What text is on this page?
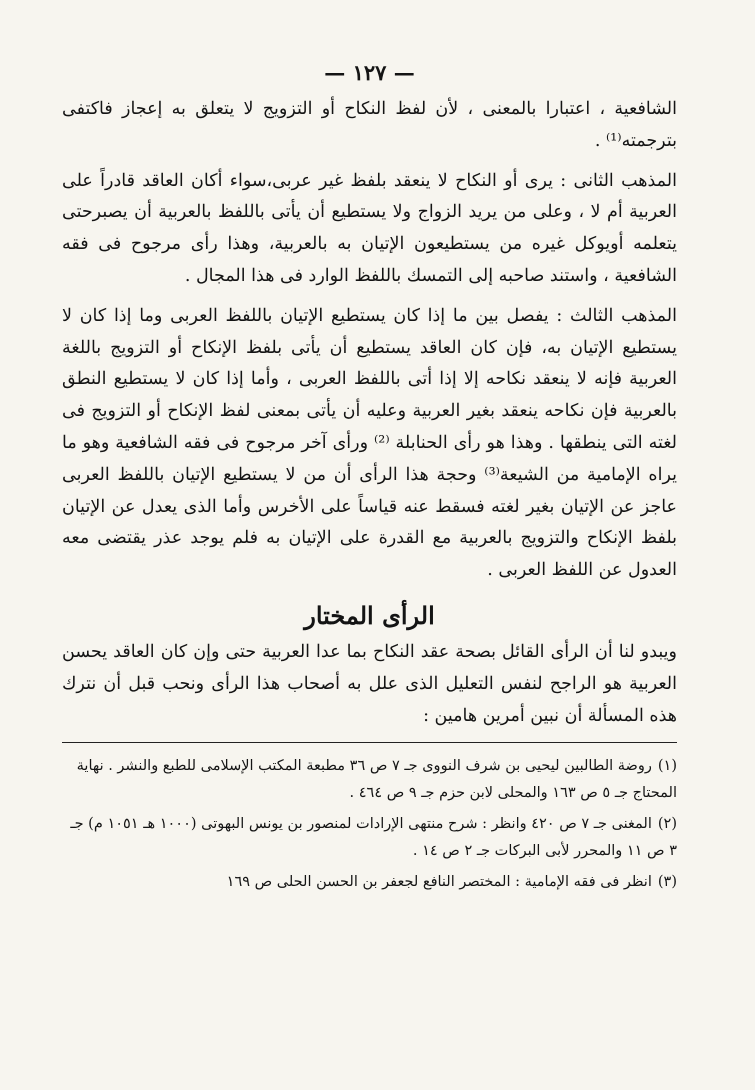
— ١٢٧ —

الشافعية ، اعتبارا بالمعنى ، لأن لفظ النكاح أو التزويج لا يتعلق به إعجاز فاكتفى بترجمته⁽¹⁾ .

المذهب الثانى : يرى أو النكاح لا ينعقد بلفظ غير عربى،سواء أكان العاقد قادراً على العربية أم لا ، وعلى من يريد الزواج ولا يستطيع أن يأتى باللفظ بالعربية أن يصبرحتى يتعلمه أويوكل غيره من يستطيعون الإتيان به بالعربية، وهذا رأى مرجوح فى فقه الشافعية ، واستند صاحبه إلى التمسك باللفظ الوارد فى هذا المجال .

المذهب الثالث : يفصل بين ما إذا كان يستطيع الإتيان باللفظ العربى وما إذا كان لا يستطيع الإتيان به، فإن كان العاقد يستطيع أن يأتى بلفظ الإنكاح أو التزويج باللغة العربية فإنه لا ينعقد نكاحه إلا إذا أتى باللفظ العربى ، وأما إذا كان لا يستطيع النطق بالعربية فإن نكاحه ينعقد بغير العربية وعليه أن يأتى بمعنى لفظ الإنكاح أو التزويج فى لغته التى ينطقها . وهذا هو رأى الحنابلة ⁽²⁾ ورأى آخر مرجوح فى فقه الشافعية وهو ما يراه الإمامية من الشيعة⁽³⁾ وحجة هذا الرأى أن من لا يستطيع الإتيان باللفظ العربى عاجز عن الإتيان بغير لغته فسقط عنه قياساً على الأخرس وأما الذى يعدل عن الإتيان بلفظ الإنكاح والتزويج بالعربية مع القدرة على الإتيان به فلم يوجد عذر يقتضى معه العدول عن اللفظ العربى .

الرأى المختار

ويبدو لنا أن الرأى القائل بصحة عقد النكاح بما عدا العربية حتى وإن كان العاقد يحسن العربية هو الراجح لنفس التعليل الذى علل به أصحاب هذا الرأى ونحب قبل أن نترك هذه المسألة أن نبين أمرين هامين :

(١)روضة الطالبين ليحيى بن شرف النووى جـ ٧ ص ٣٦ مطبعة المكتب الإسلامى للطبع والنشر . نهاية المحتاج جـ ٥ ص ١٦٣ والمحلى لابن حزم جـ ٩ ص ٤٦٤ .

(٢)المغنى جـ ٧ ص ٤٢٠ وانظر : شرح منتهى الإرادات لمنصور بن يونس البهوتى (١٠٠٠ هـ ١٠٥١ م) جـ ٣ ص ١١ والمحرر لأبى البركات جـ ٢ ص ١٤ .

(٣)انظر فى فقه الإمامية : المختصر النافع لجعفر بن الحسن الحلى ص ١٦٩
